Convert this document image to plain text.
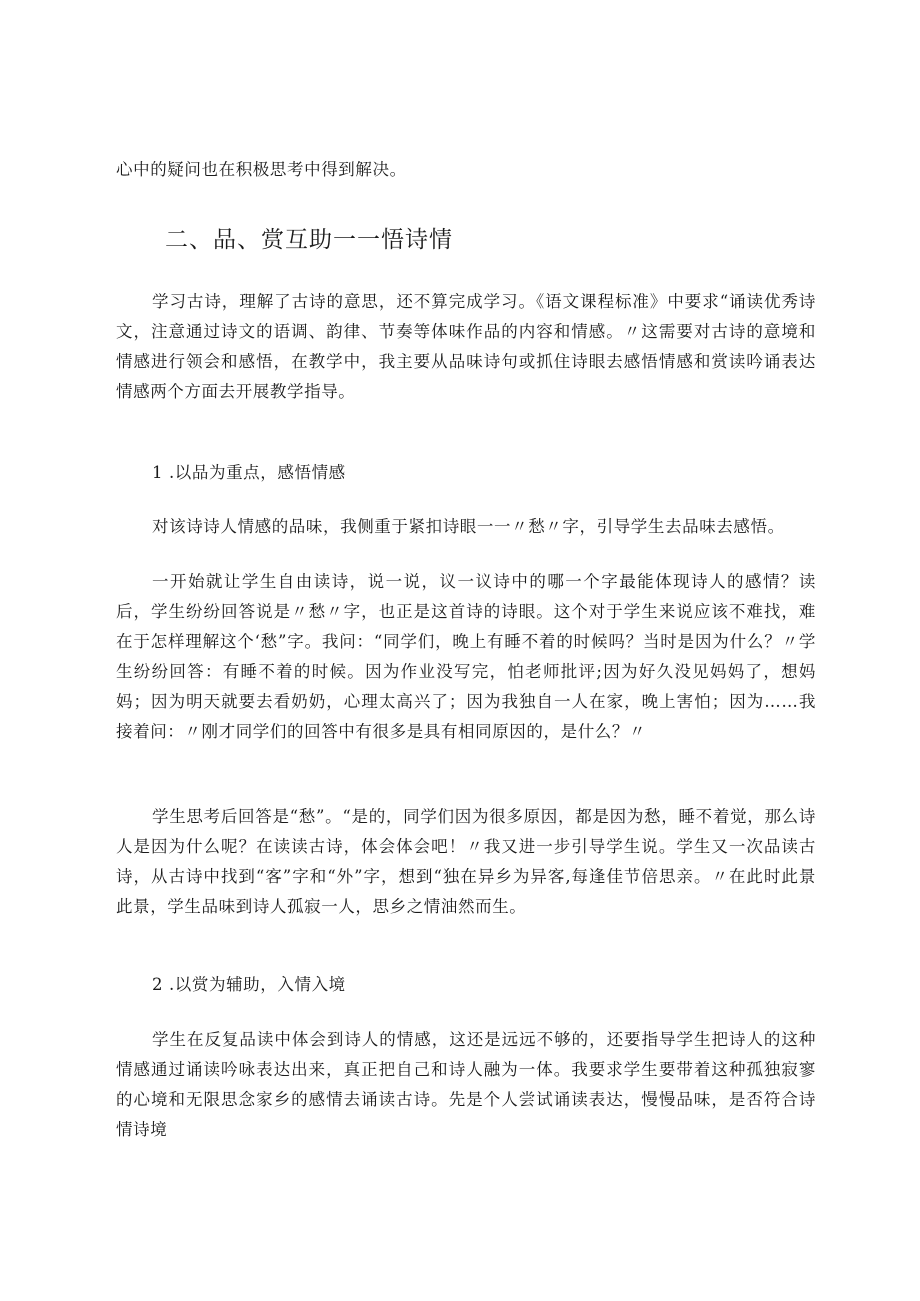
心中的疑问也在积极思考中得到解决。

二、品、赏互助一一悟诗情

学习古诗，理解了古诗的意思，还不算完成学习。《语文课程标准》中要求“诵读优秀诗文，注意通过诗文的语调、韵律、节奏等体味作品的内容和情感。〃这需要对古诗的意境和情感进行领会和感悟，在教学中，我主要从品味诗句或抓住诗眼去感悟情感和赏读吟诵表达情感两个方面去开展教学指导。

1 .以品为重点，感悟情感

对该诗诗人情感的品味，我侧重于紧扣诗眼一一〃愁〃字，引导学生去品味去感悟。

一开始就让学生自由读诗，说一说，议一议诗中的哪一个字最能体现诗人的感情？读后，学生纷纷回答说是〃愁〃字，也正是这首诗的诗眼。这个对于学生来说应该不难找，难在于怎样理解这个‘愁”字。我问：“同学们，晚上有睡不着的时候吗？当时是因为什么？〃学生纷纷回答：有睡不着的时候。因为作业没写完，怕老师批评;因为好久没见妈妈了，想妈妈；因为明天就要去看奶奶，心理太高兴了；因为我独自一人在家，晚上害怕；因为……我接着问：〃刚才同学们的回答中有很多是具有相同原因的，是什么？〃

学生思考后回答是“愁”。“是的，同学们因为很多原因，都是因为愁，睡不着觉，那么诗人是因为什么呢？在读读古诗，体会体会吧！〃我又进一步引导学生说。学生又一次品读古诗，从古诗中找到“客”字和“外”字，想到“独在异乡为异客,每逢佳节倍思亲。〃在此时此景此景，学生品味到诗人孤寂一人，思乡之情油然而生。

2 .以赏为辅助，入情入境

学生在反复品读中体会到诗人的情感，这还是远远不够的，还要指导学生把诗人的这种情感通过诵读吟咏表达出来，真正把自己和诗人融为一体。我要求学生要带着这种孤独寂寥的心境和无限思念家乡的感情去诵读古诗。先是个人尝试诵读表达，慢慢品味，是否符合诗情诗境
